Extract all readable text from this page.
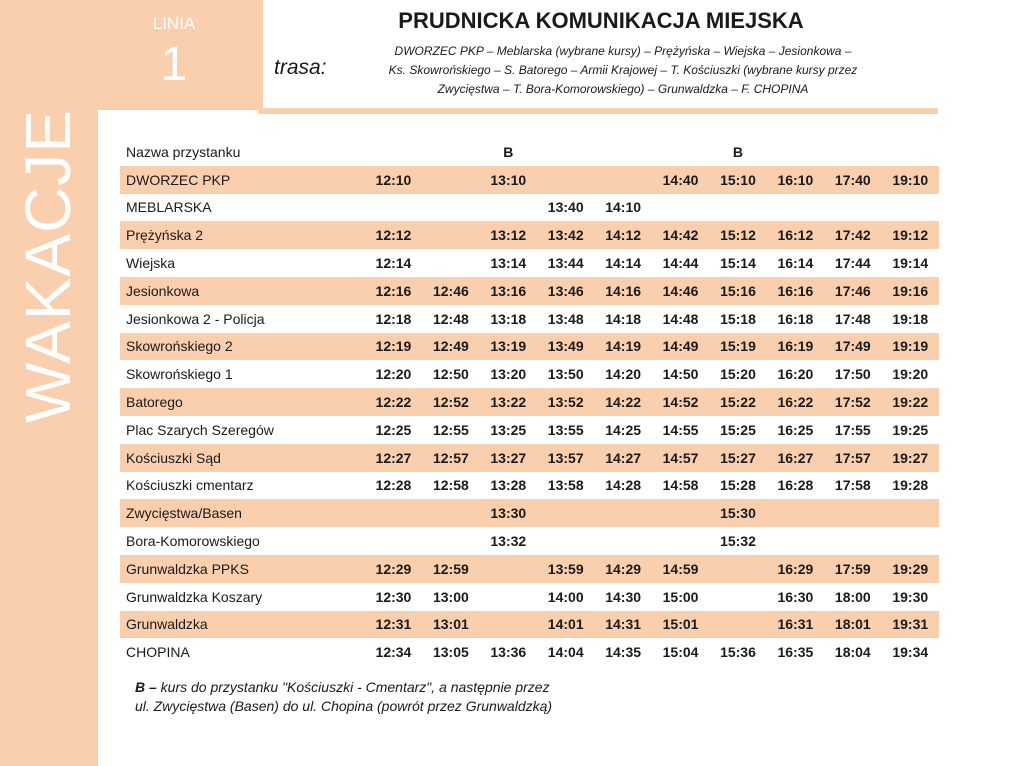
LINIA
1
WAKACJE
PRUDNICKA KOMUNIKACJA MIEJSKA
trasa:
DWORZEC PKP – Meblarska (wybrane kursy) – Prężyńska – Wiejska – Jesionkowa –
Ks. Skowrońskiego – S. Batorego – Armii Krajowej – T. Kościuszki (wybrane kursy przez
Zwycięstwa – T. Bora-Komorowskiego) – Grunwaldzka – F. CHOPINA
Nazwa przystanku			B				B			
DWORZEC PKP	12:10		13:10			14:40	15:10	16:10	17:40	19:10
MEBLARSKA				13:40	14:10					
Prężyńska 2	12:12		13:12	13:42	14:12	14:42	15:12	16:12	17:42	19:12
Wiejska	12:14		13:14	13:44	14:14	14:44	15:14	16:14	17:44	19:14
Jesionkowa	12:16	12:46	13:16	13:46	14:16	14:46	15:16	16:16	17:46	19:16
Jesionkowa 2 - Policja	12:18	12:48	13:18	13:48	14:18	14:48	15:18	16:18	17:48	19:18
Skowrońskiego 2	12:19	12:49	13:19	13:49	14:19	14:49	15:19	16:19	17:49	19:19
Skowrońskiego 1	12:20	12:50	13:20	13:50	14:20	14:50	15:20	16:20	17:50	19:20
Batorego	12:22	12:52	13:22	13:52	14:22	14:52	15:22	16:22	17:52	19:22
Plac Szarych Szeregów	12:25	12:55	13:25	13:55	14:25	14:55	15:25	16:25	17:55	19:25
Kościuszki Sąd	12:27	12:57	13:27	13:57	14:27	14:57	15:27	16:27	17:57	19:27
Kościuszki cmentarz	12:28	12:58	13:28	13:58	14:28	14:58	15:28	16:28	17:58	19:28
Zwycięstwa/Basen			13:30				15:30			
Bora-Komorowskiego			13:32				15:32			
Grunwaldzka PPKS	12:29	12:59		13:59	14:29	14:59		16:29	17:59	19:29
Grunwaldzka Koszary	12:30	13:00		14:00	14:30	15:00		16:30	18:00	19:30
Grunwaldzka	12:31	13:01		14:01	14:31	15:01		16:31	18:01	19:31
CHOPINA	12:34	13:05	13:36	14:04	14:35	15:04	15:36	16:35	18:04	19:34
B – kurs do przystanku "Kościuszki - Cmentarz", a następnie przez
ul. Zwycięstwa (Basen) do ul. Chopina (powrót przez Grunwaldzką)
